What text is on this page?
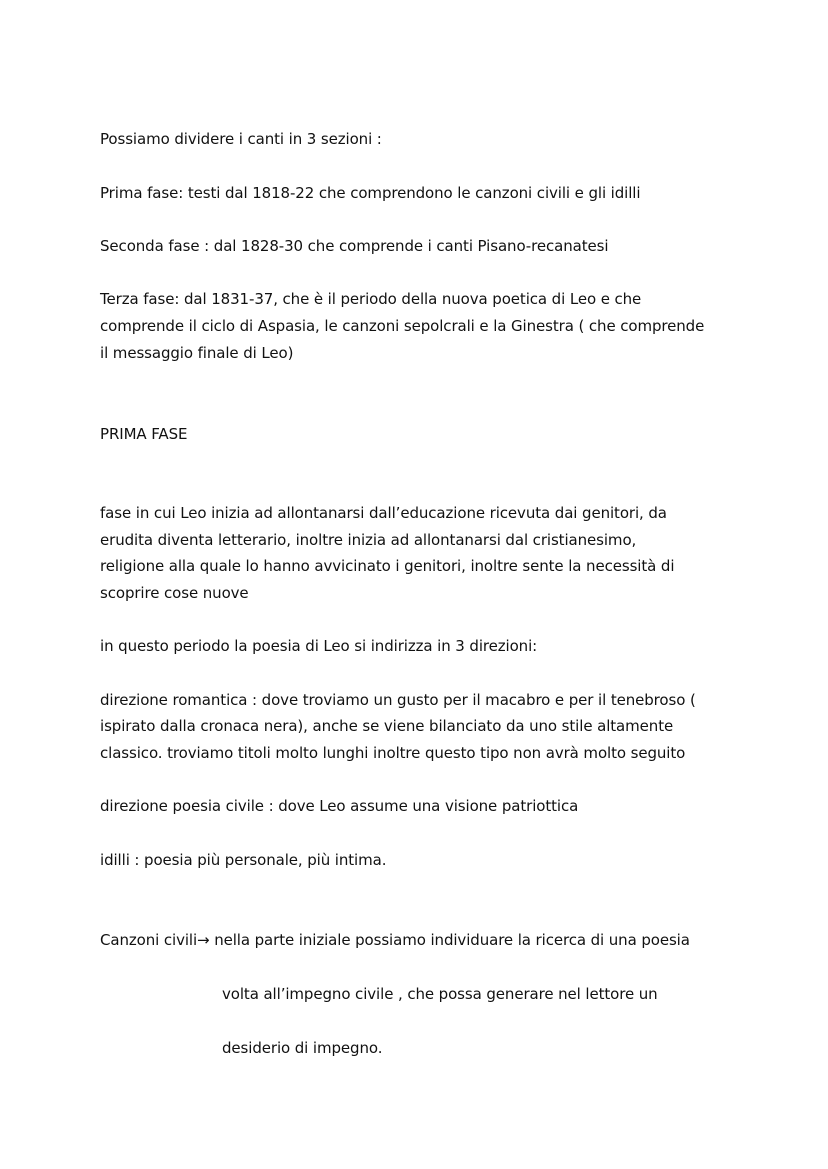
Possiamo dividere i canti in 3 sezioni :
Prima fase: testi dal 1818-22 che comprendono le canzoni civili e gli idilli
Seconda fase : dal 1828-30 che comprende i canti Pisano-recanatesi
Terza fase: dal 1831-37, che è il periodo della nuova poetica di Leo e che
comprende il ciclo di Aspasia, le canzoni sepolcrali e la Ginestra ( che comprende
il messaggio finale di Leo)
PRIMA FASE
fase in cui Leo inizia ad allontanarsi dall’educazione ricevuta dai genitori, da
erudita diventa letterario, inoltre inizia ad allontanarsi dal cristianesimo,
religione alla quale lo hanno avvicinato i genitori, inoltre sente la necessità di
scoprire cose nuove
in questo periodo la poesia di Leo si indirizza in 3 direzioni:
direzione romantica : dove troviamo un gusto per il macabro e per il tenebroso (
ispirato dalla cronaca nera), anche se viene bilanciato da uno stile altamente
classico. troviamo titoli molto lunghi inoltre questo tipo non avrà molto seguito
direzione poesia civile : dove Leo assume una visione patriottica
idilli : poesia più personale, più intima.
Canzoni civili→ nella parte iniziale possiamo individuare la ricerca di una poesia
volta all’impegno civile , che possa generare nel lettore un
desiderio di impegno.
